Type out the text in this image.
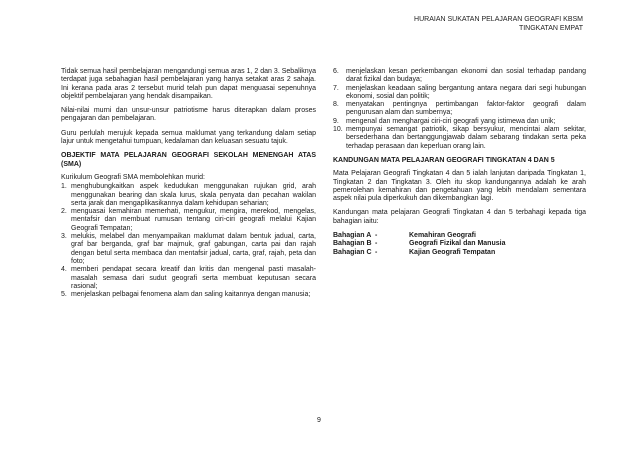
HURAIAN SUKATAN PELAJARAN GEOGRAFI KBSM
TINGKATAN EMPAT

Tidak semua hasil pembelajaran mengandungi semua aras 1, 2 dan 3. Sebaliknya terdapat juga sebahagian hasil pembelajaran yang hanya setakat aras 2 sahaja. Ini kerana pada aras 2 tersebut murid telah pun dapat menguasai sepenuhnya objektif pembelajaran yang hendak disampaikan.

Nilai-nilai murni dan unsur-unsur patriotisme harus diterapkan dalam proses pengajaran dan pembelajaran.

Guru perlulah merujuk kepada semua maklumat yang terkandung dalam setiap lajur untuk mengetahui tumpuan, kedalaman dan keluasan sesuatu tajuk.

OBJEKTIF MATA PELAJARAN GEOGRAFI SEKOLAH MENENGAH ATAS (SMA)

Kurikulum Geografi SMA membolehkan murid:

1. menghubungkaitkan aspek kedudukan menggunakan rujukan grid, arah menggunakan bearing dan skala lurus, skala penyata dan pecahan wakilan serta jarak dan mengaplikasikannya dalam kehidupan seharian;
2. menguasai kemahiran memerhati, mengukur, mengira, merekod, mengelas, mentafsir dan membuat rumusan tentang ciri-ciri geografi melalui Kajian Geografi Tempatan;
3. melukis, melabel dan menyampaikan maklumat dalam bentuk jadual, carta, graf bar berganda, graf bar majmuk, graf gabungan, carta pai dan rajah dengan betul serta membaca dan mentafsir jadual, carta, graf, rajah, peta dan foto;
4. memberi pendapat secara kreatif dan kritis dan mengenal pasti masalah-masalah semasa dari sudut geografi serta membuat keputusan secara rasional;
5. menjelaskan pelbagai fenomena alam dan saling kaitannya dengan manusia;
6.	menjelaskan kesan perkembangan ekonomi dan sosial terhadap pandang darat fizikal dan budaya;
7.	menjelaskan keadaan saling bergantung antara negara dari segi hubungan ekonomi, sosial dan politik;
8.	menyatakan pentingnya pertimbangan faktor-faktor geografi dalam pengurusan alam dan sumbernya;
9.	mengenal dan menghargai ciri-ciri geografi yang istimewa dan unik;
10. mempunyai semangat patriotik, sikap bersyukur, mencintai alam sekitar, bersederhana dan bertanggungjawab dalam sebarang tindakan serta peka terhadap perasaan dan keperluan orang lain.
KANDUNGAN MATA PELAJARAN GEOGRAFI TINGKATAN 4 DAN 5

Mata Pelajaran Geografi Tingkatan 4 dan 5 ialah lanjutan daripada Tingkatan 1, Tingkatan 2 dan Tingkatan 3. Oleh itu skop kandungannya adalah ke arah pemerolehan kemahiran dan pengetahuan yang lebih mendalam sementara aspek nilai pula diperkukuh dan dikembangkan lagi.

Kandungan mata pelajaran Geografi Tingkatan 4 dan 5 terbahagi kepada tiga bahagian iaitu:

Bahagian A -	Kemahiran Geografi
Bahagian B -	Geografi Fizikal dan Manusia
Bahagian C -	Kajian Geografi Tempatan
9
